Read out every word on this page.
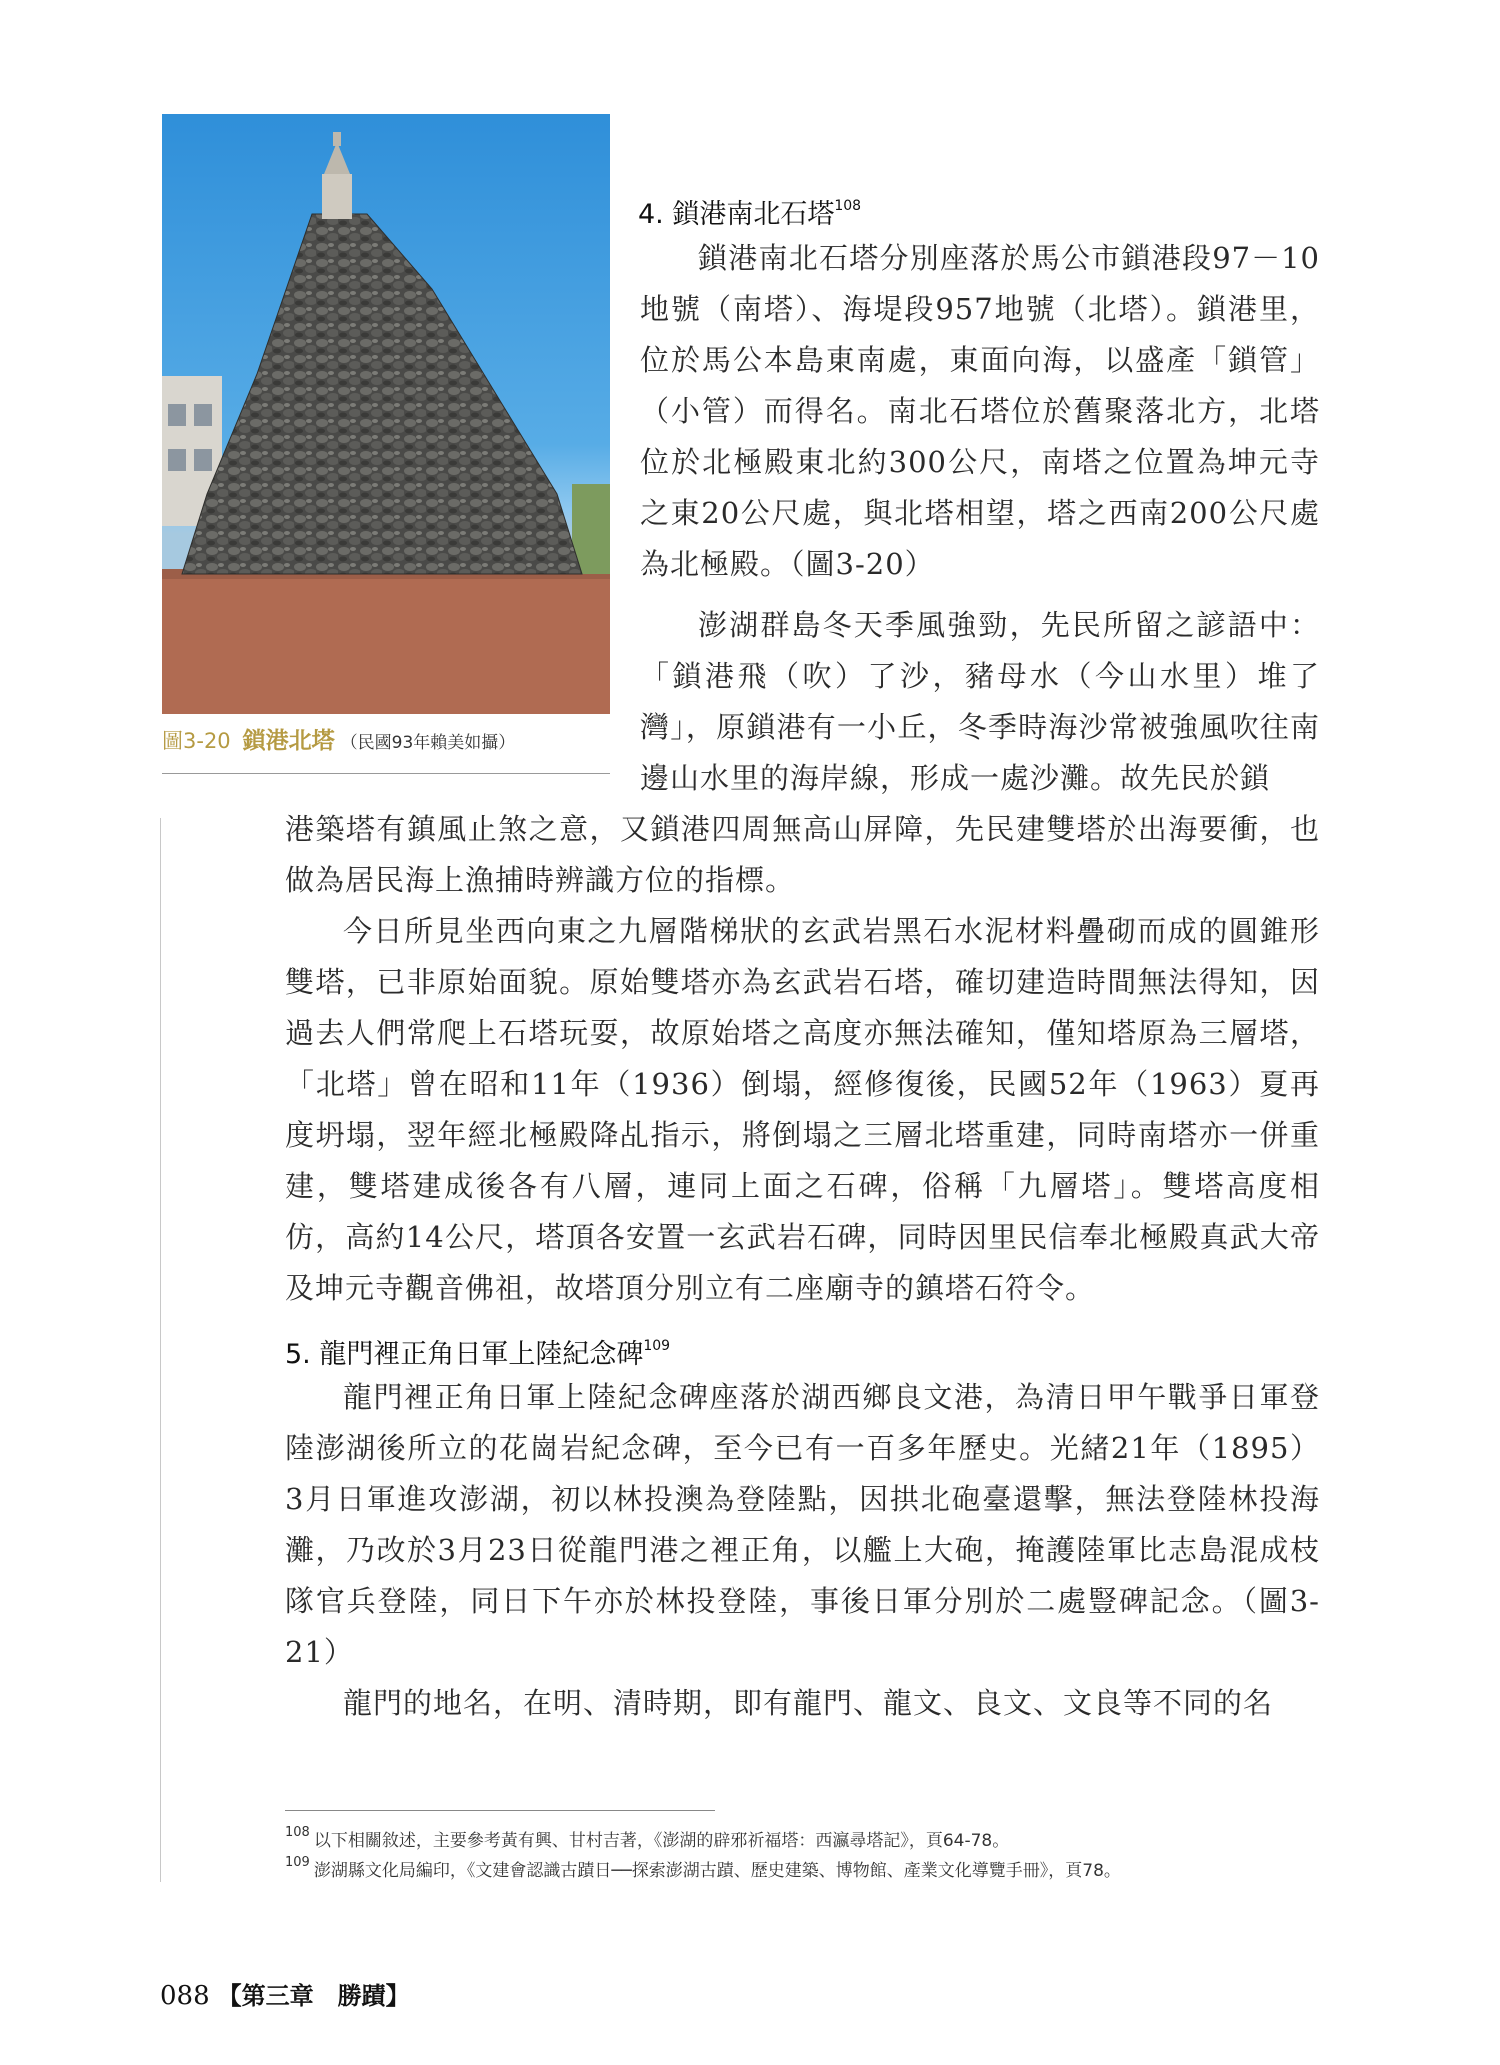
圖3-20 鎖港北塔 （民國93年賴美如攝）
4. 鎖港南北石塔$^{108}$

鎖港南北石塔分別座落於馬公市鎖港段97－10地號（南塔）、海堤段957地號（北塔）。鎖港里，位於馬公本島東南處，東面向海，以盛產「鎖管」（小管）而得名。南北石塔位於舊聚落北方，北塔位於北極殿東北約300公尺，南塔之位置為坤元寺之東20公尺處，與北塔相望，塔之西南200公尺處為北極殿。（圖3-20）

澎湖群島冬天季風強勁，先民所留之諺語中：「鎖港飛（吹）了沙，豬母水（今山水里）堆了灣」，原鎖港有一小丘，冬季時海沙常被強風吹往南邊山水里的海岸線，形成一處沙灘。故先民於鎖

港築塔有鎮風止煞之意，又鎖港四周無高山屏障，先民建雙塔於出海要衝，也做為居民海上漁捕時辨識方位的指標。

今日所見坐西向東之九層階梯狀的玄武岩黑石水泥材料疊砌而成的圓錐形雙塔，已非原始面貌。原始雙塔亦為玄武岩石塔，確切建造時間無法得知，因過去人們常爬上石塔玩耍，故原始塔之高度亦無法確知，僅知塔原為三層塔，「北塔」曾在昭和11年（1936）倒塌，經修復後，民國52年（1963）夏再度坍塌，翌年經北極殿降乩指示，將倒塌之三層北塔重建，同時南塔亦一併重建，雙塔建成後各有八層，連同上面之石碑，俗稱「九層塔」。雙塔高度相仿，高約14公尺，塔頂各安置一玄武岩石碑，同時因里民信奉北極殿真武大帝及坤元寺觀音佛祖，故塔頂分別立有二座廟寺的鎮塔石符令。

5. 龍門裡正角日軍上陸紀念碑$^{109}$

龍門裡正角日軍上陸紀念碑座落於湖西鄉良文港，為清日甲午戰爭日軍登陸澎湖後所立的花崗岩紀念碑，至今已有一百多年歷史。光緒21年（1895）3月日軍進攻澎湖，初以林投澳為登陸點，因拱北砲臺還擊，無法登陸林投海灘，乃改於3月23日從龍門港之裡正角，以艦上大砲，掩護陸軍比志島混成枝隊官兵登陸，同日下午亦於林投登陸，事後日軍分別於二處豎碑記念。（圖3-21）

龍門的地名，在明、清時期，即有龍門、龍文、良文、文良等不同的名

$^{108}$ 以下相關敘述，主要參考黃有興、甘村吉著，《澎湖的辟邪祈福塔：西瀛尋塔記》，頁64-78。
$^{109}$ 澎湖縣文化局編印，《文建會認識古蹟日──探索澎湖古蹟、歷史建築、博物館、產業文化導覽手冊》，頁78。
088 【第三章　勝蹟】
